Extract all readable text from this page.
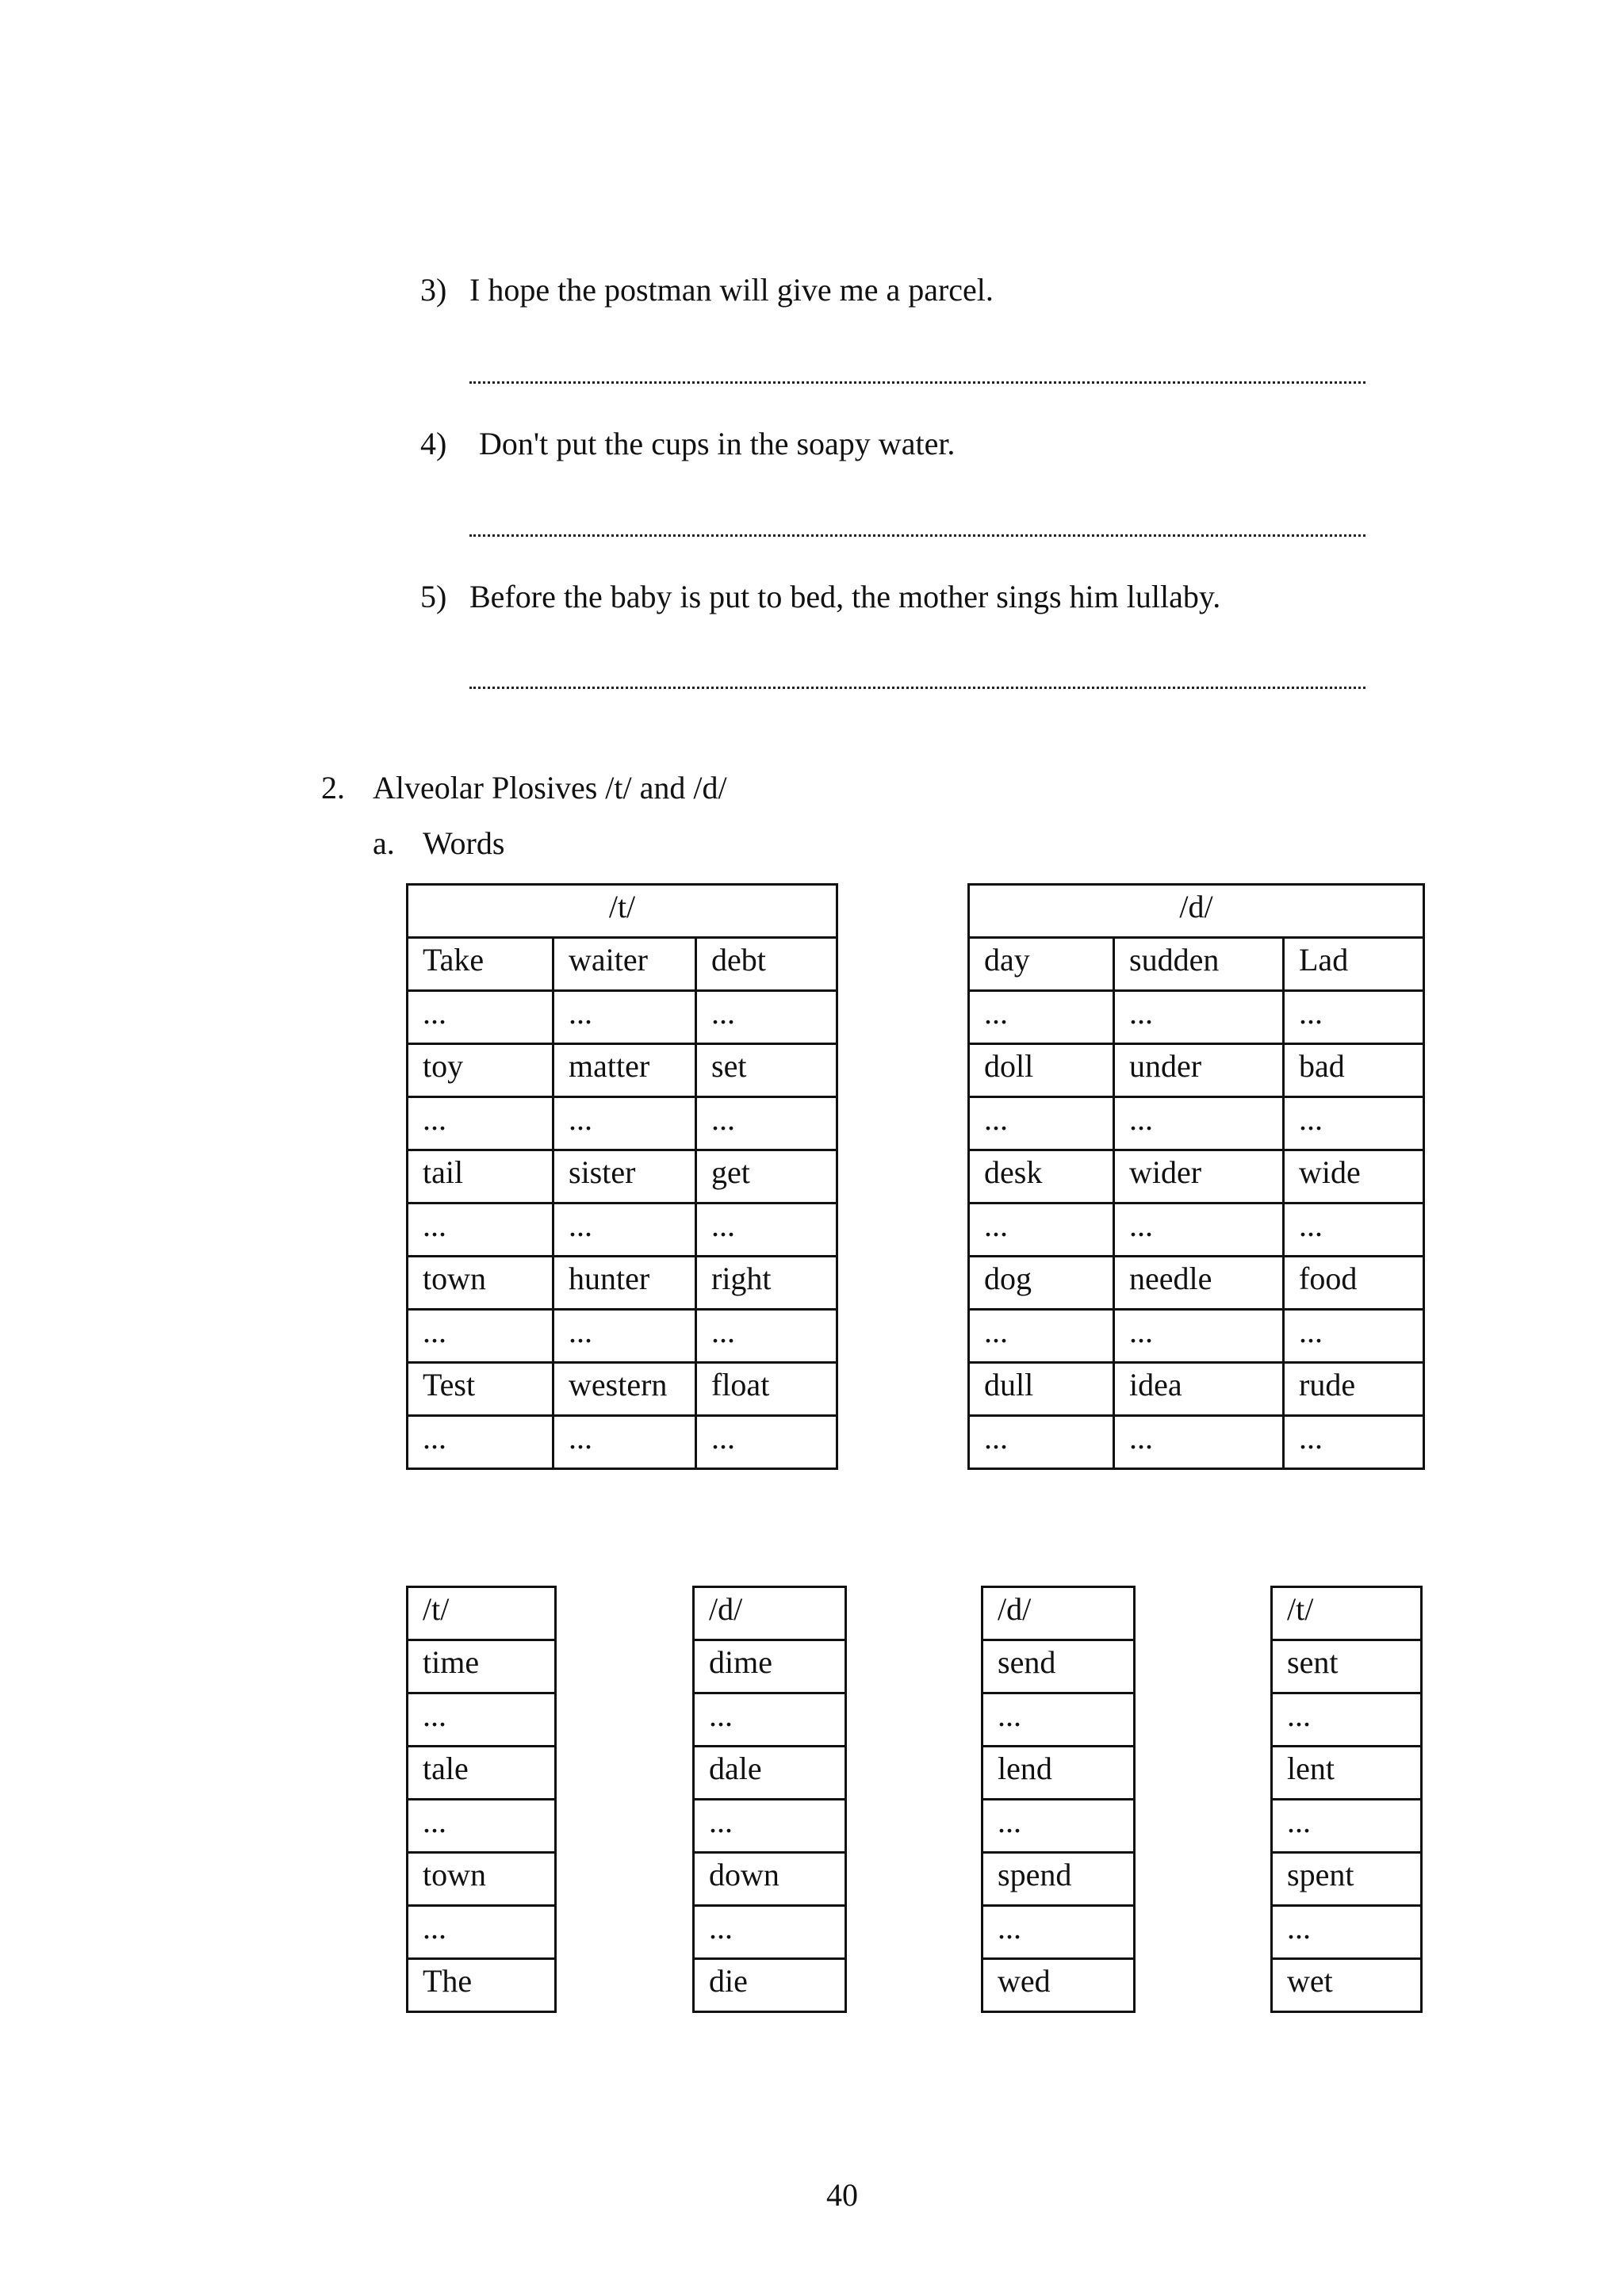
3) I hope the postman will give me a parcel.
4) Don't put the cups in the soapy water.
5) Before the baby is put to bed, the mother sings him lullaby.
2. Alveolar Plosives /t/ and /d/
a. Words
/t/		
Take	waiter	debt
...	...	...
toy	matter	set
...	...	...
tail	sister	get
...	...	...
town	hunter	right
...	...	...
Test	western	float
...	...	...
/d/		
day	sudden	Lad
...	...	...
doll	under	bad
...	...	...
desk	wider	wide
...	...	...
dog	needle	food
...	...	...
dull	idea	rude
...	...	...
/t/
time
...
tale
...
town
...
The
/d/
dime
...
dale
...
down
...
die
/d/
send
...
lend
...
spend
...
wed
/t/
sent
...
lent
...
spent
...
wet
40
